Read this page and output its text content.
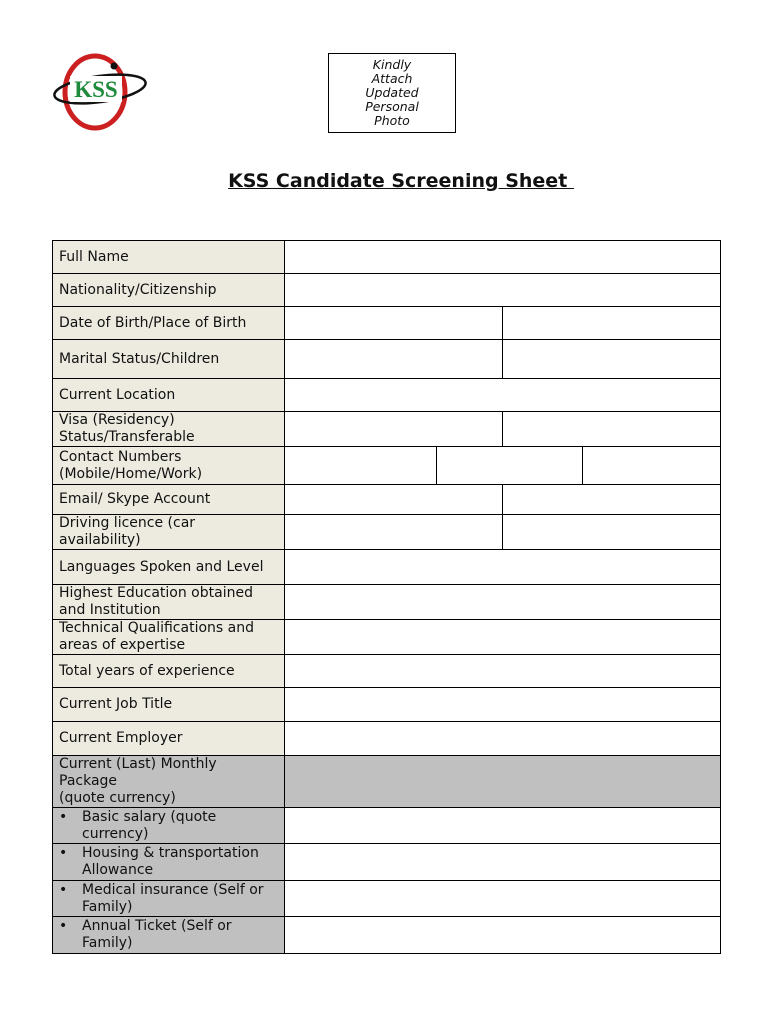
KSS
Kindly
Attach
Updated
Personal
Photo
KSS Candidate Screening Sheet
Full Name		
Nationality/Citizenship		
Date of Birth/Place of Birth		
Marital Status/Children		
Current Location		
Visa (Residency) Status/Transferable		
Contact Numbers (Mobile/Home/Work)		

Email/ Skype Account		
Driving licence (car availability)		
Languages Spoken and Level		
Highest Education obtained and Institution		
Technical Qualifications and areas of expertise		
Total years of experience		
Current Job Title		
Current Employer		
Current (Last) Monthly Package
(quote currency)		

• Basic salary (quote currency)		

• Housing & transportation Allowance		

• Medical insurance (Self or Family)		

• Annual Ticket (Self or Family)		
